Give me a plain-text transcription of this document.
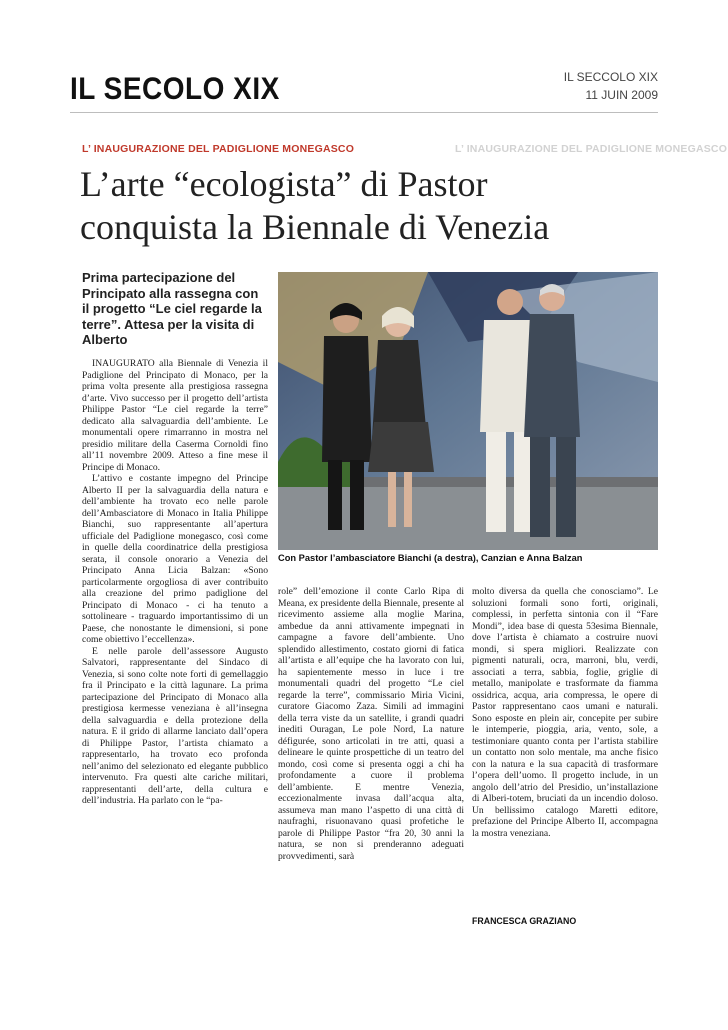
IL SECOLO XIX	IL SECCOLO XIX
11 JUIN 2009
L’ INAUGURAZIONE DEL PADIGLIONE MONEGASCO	L’ INAUGURAZIONE DEL PADIGLIONE MONEGASCO
L’arte “ecologista” di Pastor
conquista la Biennale di Venezia
Prima partecipazione del Principato alla rassegna con il progetto “Le ciel regarde la terre”. Attesa per la visita di Alberto
Con Pastor l’ambasciatore Bianchi (a destra), Canzian e Anna Balzan

INAUGURATO alla Biennale di Venezia il Padiglione del Principato di Monaco, per la prima volta presente alla prestigiosa rassegna d’arte. Vivo successo per il progetto dell’artista Philippe Pastor “Le ciel regarde la terre” dedicato alla salvaguardia dell’ambiente. Le monumentali opere rimarranno in mostra nel presidio militare della Caserma Cornoldi fino all’11 novembre 2009. Atteso a fine mese il Principe di Monaco.

L’attivo e costante impegno del Principe Alberto II per la salvaguardia della natura e dell’ambiente ha trovato eco nelle parole dell’Ambasciatore di Monaco in Italia Philippe Bianchi, suo rappresentante all’apertura ufficiale del Padiglione monegasco, così come in quelle della coordinatrice della prestigiosa serata, il console onorario a Venezia del Principato Anna Licia Balzan: «Sono particolarmente orgogliosa di aver contribuito alla creazione del primo padiglione del Principato di Monaco - ci ha tenuto a sottolineare - traguardo importantissimo di un Paese, che nonostante le dimensioni, si pone come obiettivo l’eccellenza».

E nelle parole dell’assessore Augusto Salvatori, rappresentante del Sindaco di Venezia, si sono colte note forti di gemellaggio fra il Principato e la città lagunare. La prima partecipazione del Principato di Monaco alla prestigiosa kermesse veneziana è all’insegna della salvaguardia e della protezione della natura. E il grido di allarme lanciato dall’opera di Philippe Pastor, l’artista chiamato a rappresentarlo, ha trovato eco profonda nell’animo del selezionato ed elegante pubblico intervenuto. Fra questi alte cariche militari, rappresentanti dell’arte, della cultura e dell’industria. Ha parlato con le “pa-

role” dell’emozione il conte Carlo Ripa di Meana, ex presidente della Biennale, presente al ricevimento assieme alla moglie Marina, ambedue da anni attivamente impegnati in campagne a favore dell’ambiente. Uno splendido allestimento, costato giorni di fatica all’artista e all’equipe che ha lavorato con lui, ha sapientemente messo in luce i tre monumentali quadri del progetto “Le ciel regarde la terre”, commissario Miria Vicini, curatore Giacomo Zaza. Simili ad immagini della terra viste da un satellite, i grandi quadri inediti Ouragan, Le pole Nord, La nature défigurée, sono articolati in tre atti, quasi a delineare le quinte prospettiche di un teatro del mondo, così come si presenta oggi a chi ha profondamente a cuore il problema dell’ambiente. E mentre Venezia, eccezionalmente invasa dall’acqua alta, assumeva man mano l’aspetto di una città di naufraghi, risuonavano quasi profetiche le parole di Philippe Pastor “fra 20, 30 anni la natura, se non si prenderanno adeguati provvedimenti, sarà

molto diversa da quella che conosciamo”. Le soluzioni formali sono forti, originali, complessi, in perfetta sintonia con il “Fare Mondi”, idea base di questa 53esima Biennale, dove l’artista è chiamato a costruire nuovi mondi, si spera migliori. Realizzate con pigmenti naturali, ocra, marroni, blu, verdi, associati a terra, sabbia, foglie, griglie di metallo, manipolate e trasformate da fiamma ossidrica, acqua, aria compressa, le opere di Pastor rappresentano caos umani e naturali. Sono esposte en plein air, concepite per subire le intemperie, pioggia, aria, vento, sole, a testimoniare quanto conta per l’artista stabilire un contatto non solo mentale, ma anche fisico con la natura e la sua capacità di trasformare l’opera dell’uomo. Il progetto include, in un angolo dell’atrio del Presidio, un’installazione di Alberi-totem, bruciati da un incendio doloso. Un bellissimo catalogo Maretti editore, prefazione del Principe Alberto II, accompagna la mostra veneziana.

FRANCESCA GRAZIANO
